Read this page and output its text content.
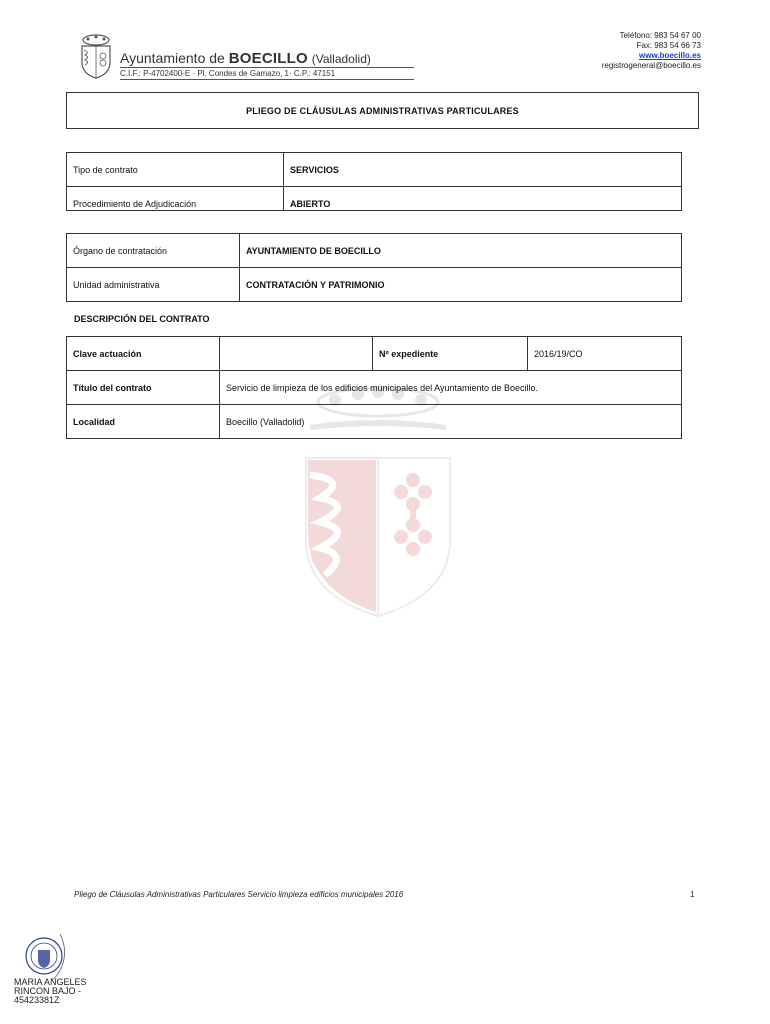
Ayuntamiento de BOECILLO (Valladolid)
C.I.F.: P-4702400-E · Pl. Condes de Gamazo, 1· C.P.: 47151
Teléfono: 983 54 67 00
Fax: 983 54 66 73
www.boecillo.es
registrogeneral@boecillo.es
PLIEGO DE CLÁUSULAS ADMINISTRATIVAS PARTICULARES
Tipo de contrato	SERVICIOS
Procedimiento de Adjudicación	ABIERTO
Órgano de contratación	AYUNTAMIENTO DE BOECILLO
Unidad administrativa	CONTRATACIÓN Y PATRIMONIO
DESCRIPCIÓN DEL CONTRATO
Clave actuación		Nº expediente	2016/19/CO
Título del contrato	Servicio de limpieza de los edificios municipales del Ayuntamiento de Boecillo.		
Localidad	Boecillo (Valladolid)		
Pliego de Cláusulas Administrativas Particulares Servicio limpieza edificios municipales 2016	1
MARIA ANGELES
RINCON BAJO -
45423381Z
